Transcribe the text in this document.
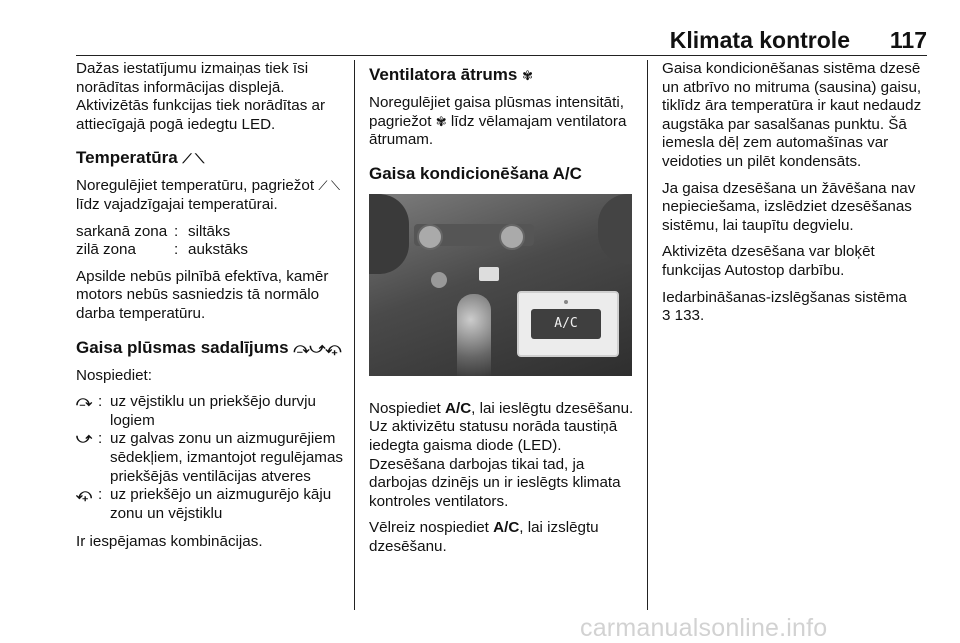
Klimata kontrole 117

Dažas iestatījumu izmaiņas tiek īsi norādītas informācijas displejā. Aktivizētās funkcijas tiek norādītas ar attiecīgajā pogā iedegtu LED.

Temperatūra ⟋ ⟍

Noregulējiet temperatūru, pagriežot ⟋ ⟍ līdz vajadzīgajai temperatūrai.

sarkanā zona : siltāks
zilā zona	: aukstāks

Apsilde nebūs pilnībā efektīva, kamēr motors nebūs sasniedzis tā normālo darba temperatūru.

Gaisa plūsmas sadalījums ⤼⤻⤽

Nospiediet:

⤼ : uz vējstiklu un priekšējo durvju logiem
⤻ : uz galvas zonu un aizmugurējiem sēdekļiem, izmantojot regulējamas priekšējās ventilācijas atveres
⤽ : uz priekšējo un aizmugurējo kāju zonu un vējstiklu

Ir iespējamas kombinācijas.

Ventilatora ātrums ✾

Noregulējiet gaisa plūsmas intensitāti, pagriežot ✾ līdz vēlamajam ventilatora ātrumam.

Gaisa kondicionēšana A/C
A/C

Nospiediet A/C, lai ieslēgtu dzesēšanu. Uz aktivizētu statusu norāda taustiņā iedegta gaisma diode (LED). Dzesēšana darbojas tikai tad, ja darbojas dzinējs un ir ieslēgts klimata kontroles ventilators.

Vēlreiz nospiediet A/C, lai izslēgtu dzesēšanu.

Gaisa kondicionēšanas sistēma dzesē un atbrīvo no mitruma (sausina) gaisu, tiklīdz āra temperatūra ir kaut nedaudz augstāka par sasalšanas punktu. Šā iemesla dēļ zem automašīnas var veidoties un pilēt kondensāts.

Ja gaisa dzesēšana un žāvēšana nav nepieciešama, izslēdziet dzesēšanas sistēmu, lai taupītu degvielu.

Aktivizēta dzesēšana var bloķēt funkcijas Autostop darbību.

Iedarbināšanas-izslēgšanas sistēma
3 133.

carmanualsonline.info
